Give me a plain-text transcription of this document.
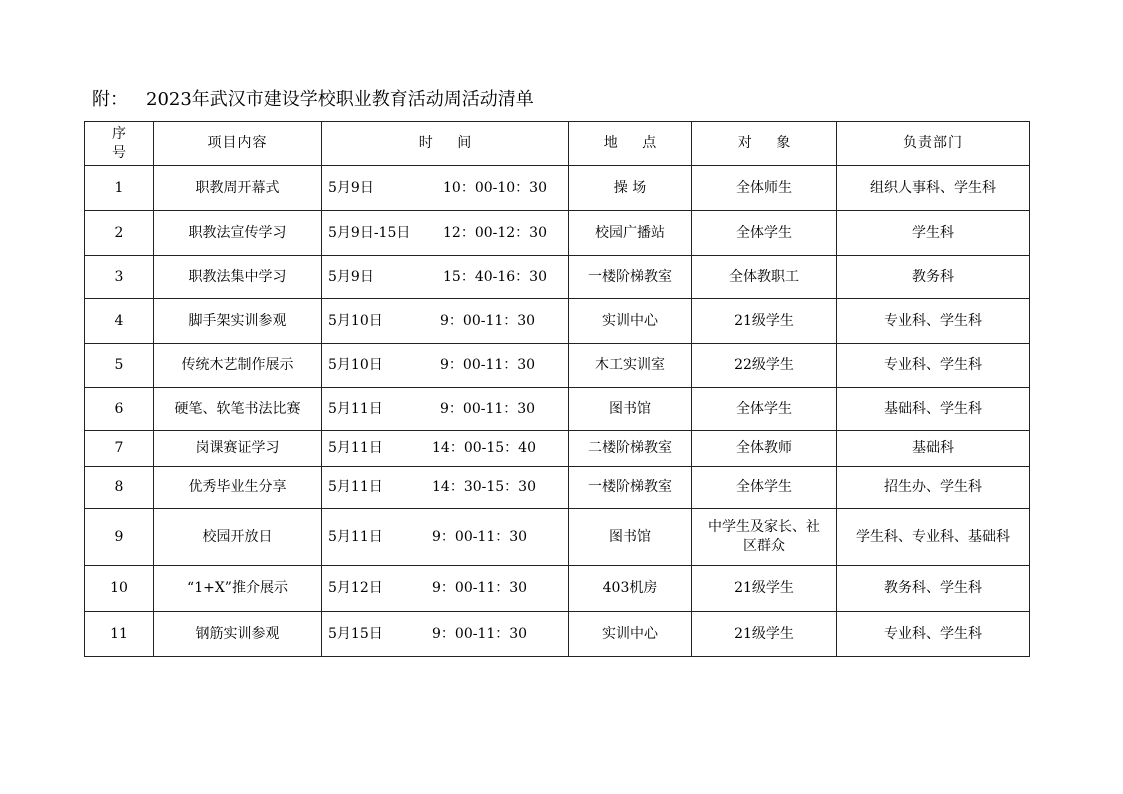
附： 2023年武汉市建设学校职业教育活动周活动清单
序 号	项目内容	时 间	地 点	对 象	负责部门
1	职教周开幕式	5月9日 10：00-10：30	操 场	全体师生	组织人事科、学生科
2	职教法宣传学习	5月9日-15日 12：00-12：30	校园广播站	全体学生	学生科
3	职教法集中学习	5月9日 15：40-16：30	一楼阶梯教室	全体教职工	教务科
4	脚手架实训参观	5月10日 9：00-11：30	实训中心	21级学生	专业科、学生科
5	传统木艺制作展示	5月10日 9：00-11：30	木工实训室	22级学生	专业科、学生科
6	硬笔、软笔书法比赛	5月11日 9：00-11：30	图书馆	全体学生	基础科、学生科
7	岗课赛证学习	5月11日 14：00-15：40	二楼阶梯教室	全体教师	基础科
8	优秀毕业生分享	5月11日 14：30-15：30	一楼阶梯教室	全体学生	招生办、学生科
9	校园开放日	5月11日 9：00-11：30	图书馆	中学生及家长、社区群众	学生科、专业科、基础科
10	“1+X”推介展示	5月12日 9：00-11：30	403机房	21级学生	教务科、学生科
11	钢筋实训参观	5月15日 9：00-11：30	实训中心	21级学生	专业科、学生科
